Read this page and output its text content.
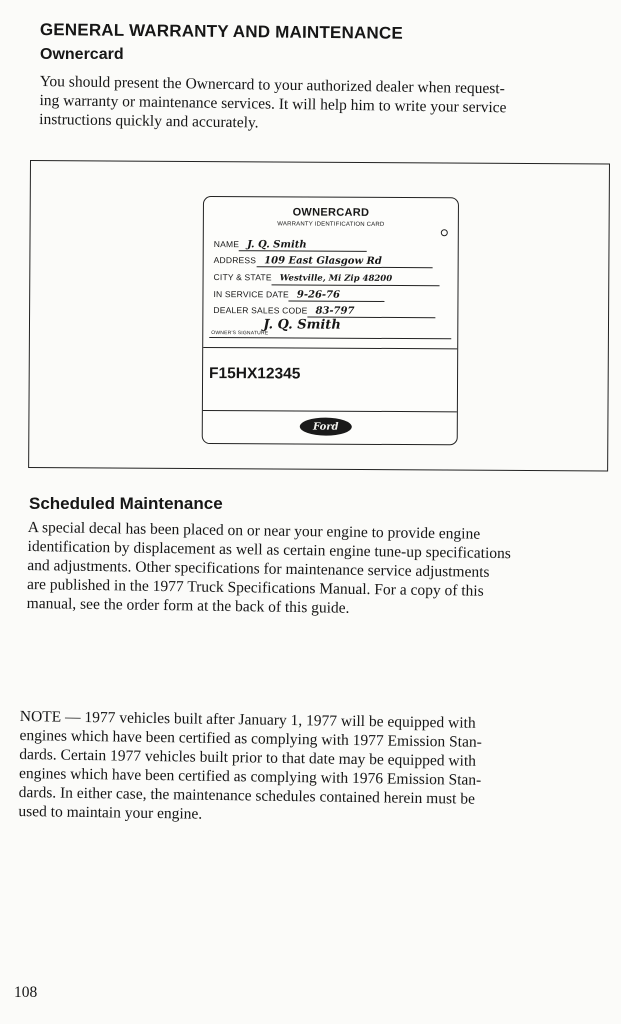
GENERAL WARRANTY AND MAINTENANCE
Ownercard
You should present the Ownercard to your authorized dealer when request-
ing warranty or maintenance services. It will help him to write your service
instructions quickly and accurately.
OWNERCARD
WARRANTY IDENTIFICATION CARD
NAME J. Q. Smith
ADDRESS 109 East Glasgow Rd
CITY & STATE Westville, Mi Zip 48200
IN SERVICE DATE 9-26-76
DEALER SALES CODE 83-797
J. Q. Smith
OWNER'S SIGNATURE
F15HX12345
Ford
Scheduled Maintenance
A special decal has been placed on or near your engine to provide engine
identification by displacement as well as certain engine tune-up specifications
and adjustments. Other specifications for maintenance service adjustments
are published in the 1977 Truck Specifications Manual. For a copy of this
manual, see the order form at the back of this guide.
NOTE — 1977 vehicles built after January 1, 1977 will be equipped with
engines which have been certified as complying with 1977 Emission Stan-
dards. Certain 1977 vehicles built prior to that date may be equipped with
engines which have been certified as complying with 1976 Emission Stan-
dards. In either case, the maintenance schedules contained herein must be
used to maintain your engine.
108
